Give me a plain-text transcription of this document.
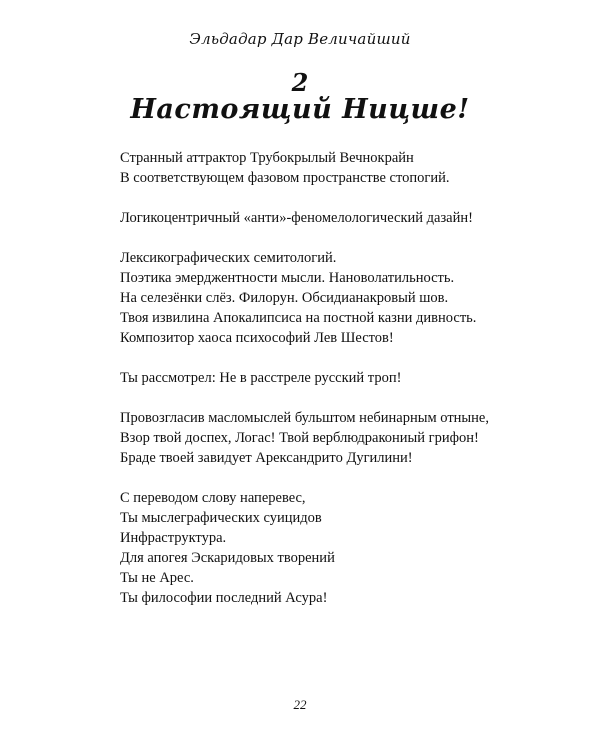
Эльдадар Дар Величайший
2
Настоящий Ницше!
Странный аттрактор Трубокрылый Вечнокрайн
В соответствующем фазовом пространстве стопогий.
Логикоцентричный «анти»-феномелологический дазайн!
Лексикографических семитологий.
Поэтика эмерджентности мысли. Нановолатильность.
На селезёнки слёз. Филорун. Обсидианакровый шов.
Твоя извилина Апокалипсиса на постной казни дивность.
Композитор хаоса психософий Лев Шестов!
Ты рассмотрел: Не в расстреле русский троп!
Провозгласив масломыслей бульштом небинарным отныне,
Взор твой доспех, Логас! Твой верблюдракониый грифон!
Браде твоей завидует Арександрито Дугилини!
С переводом слову наперевес,
Ты мыслеграфических суицидов
Инфраструктура.
Для апогея Эскаридовых творений
Ты не Арес.
Ты философии последний Асура!
22
